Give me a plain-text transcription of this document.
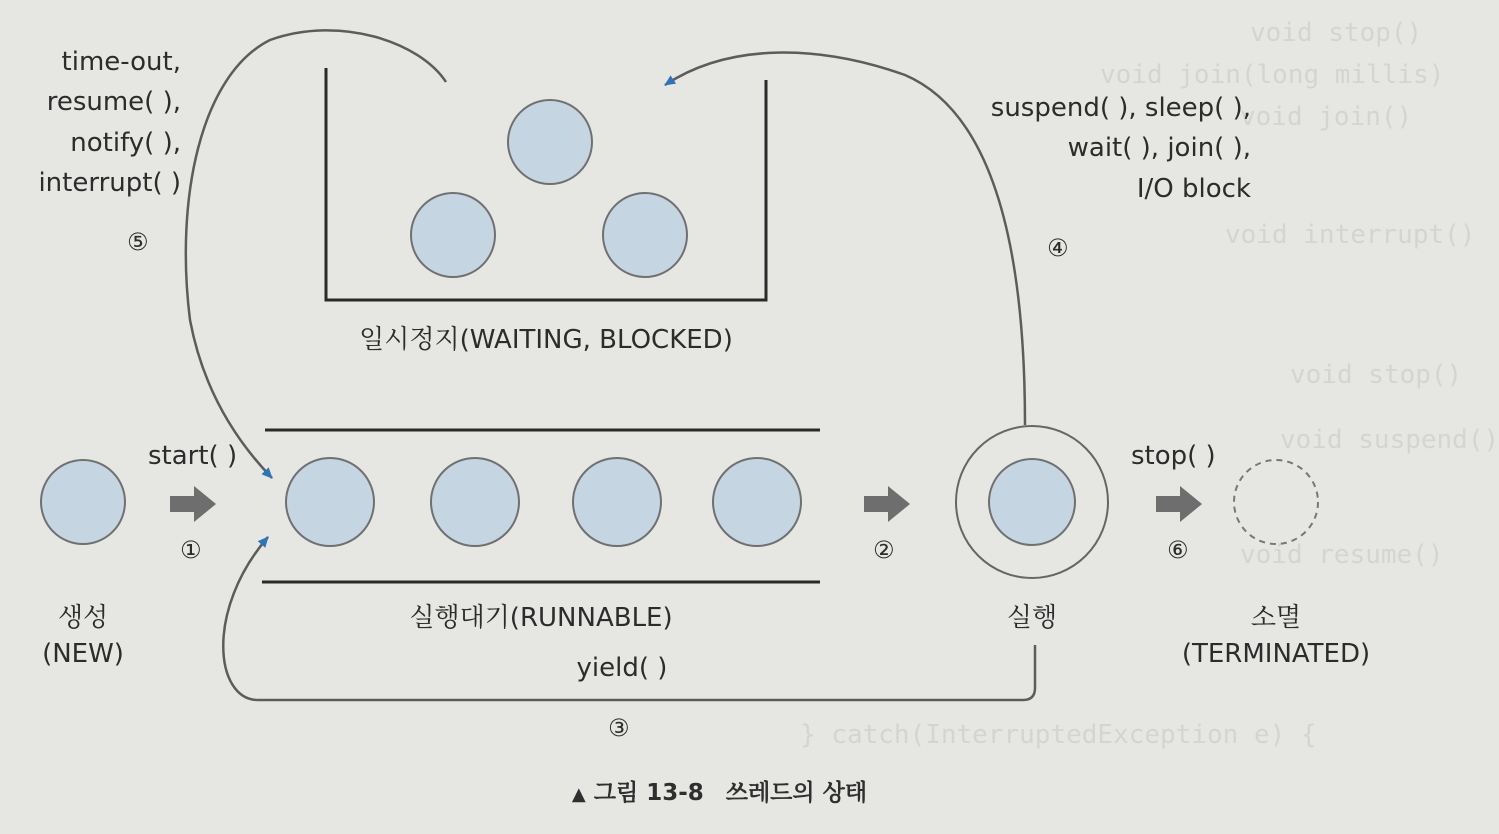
void stop()
void join(long millis)
void join()
void interrupt()
void stop()
void suspend()
void resume()
} catch(InterruptedException e) {
time-out,
resume( ),
notify( ),
interrupt( )
⑤
suspend( ), sleep( ),
wait( ), join( ),
I/O block
④
일시정지(WAITING, BLOCKED)
start( )
①	②
stop( )
⑥
생성
(NEW)
실행대기(RUNNABLE)
yield( )
③
실행	소멸
(TERMINATED)
▲ 그림 13-8 쓰레드의 상태
